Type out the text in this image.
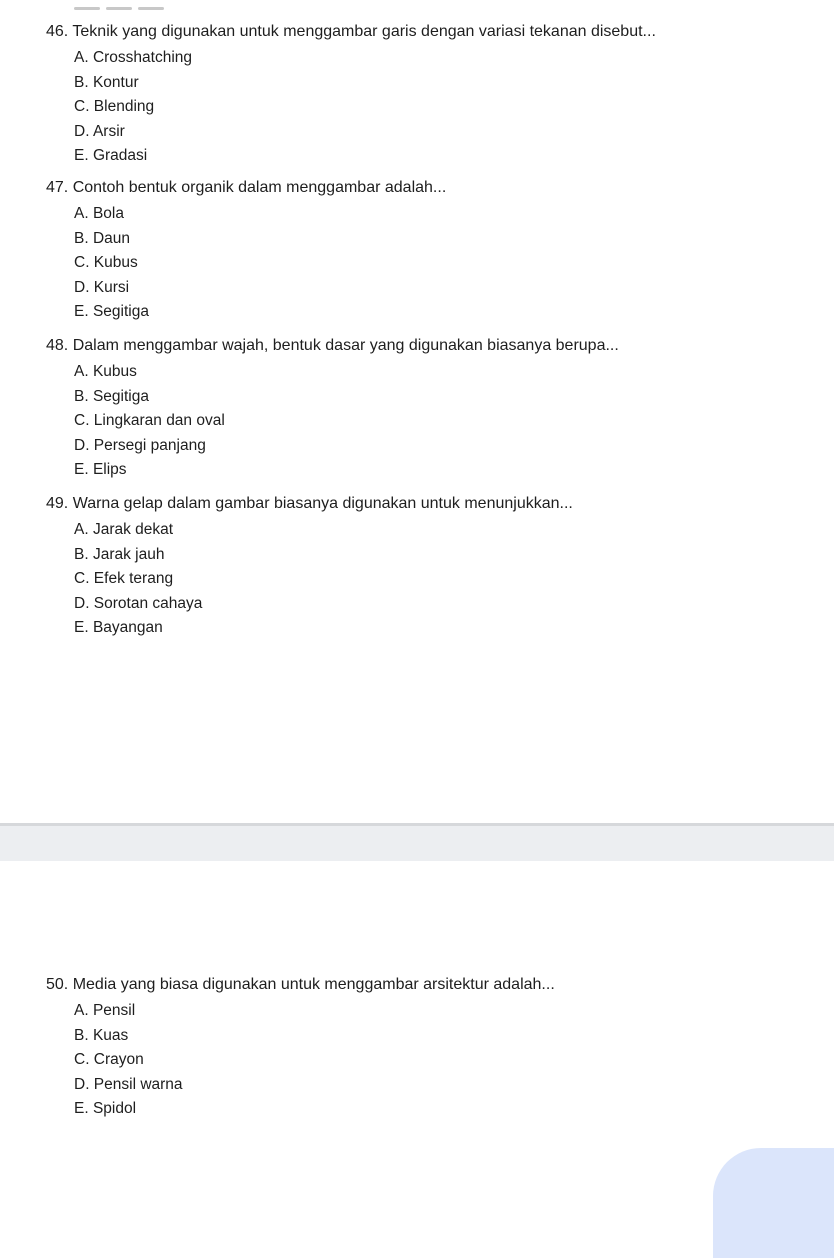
46. Teknik yang digunakan untuk menggambar garis dengan variasi tekanan disebut...

A. Crosshatching
B. Kontur
C. Blending
D. Arsir
E. Gradasi

47. Contoh bentuk organik dalam menggambar adalah...

A. Bola
B. Daun
C. Kubus
D. Kursi
E. Segitiga

48. Dalam menggambar wajah, bentuk dasar yang digunakan biasanya berupa...

A. Kubus
B. Segitiga
C. Lingkaran dan oval
D. Persegi panjang
E. Elips

49. Warna gelap dalam gambar biasanya digunakan untuk menunjukkan...

A. Jarak dekat
B. Jarak jauh
C. Efek terang
D. Sorotan cahaya
E. Bayangan

50. Media yang biasa digunakan untuk menggambar arsitektur adalah...

A. Pensil
B. Kuas
C. Crayon
D. Pensil warna
E. Spidol
